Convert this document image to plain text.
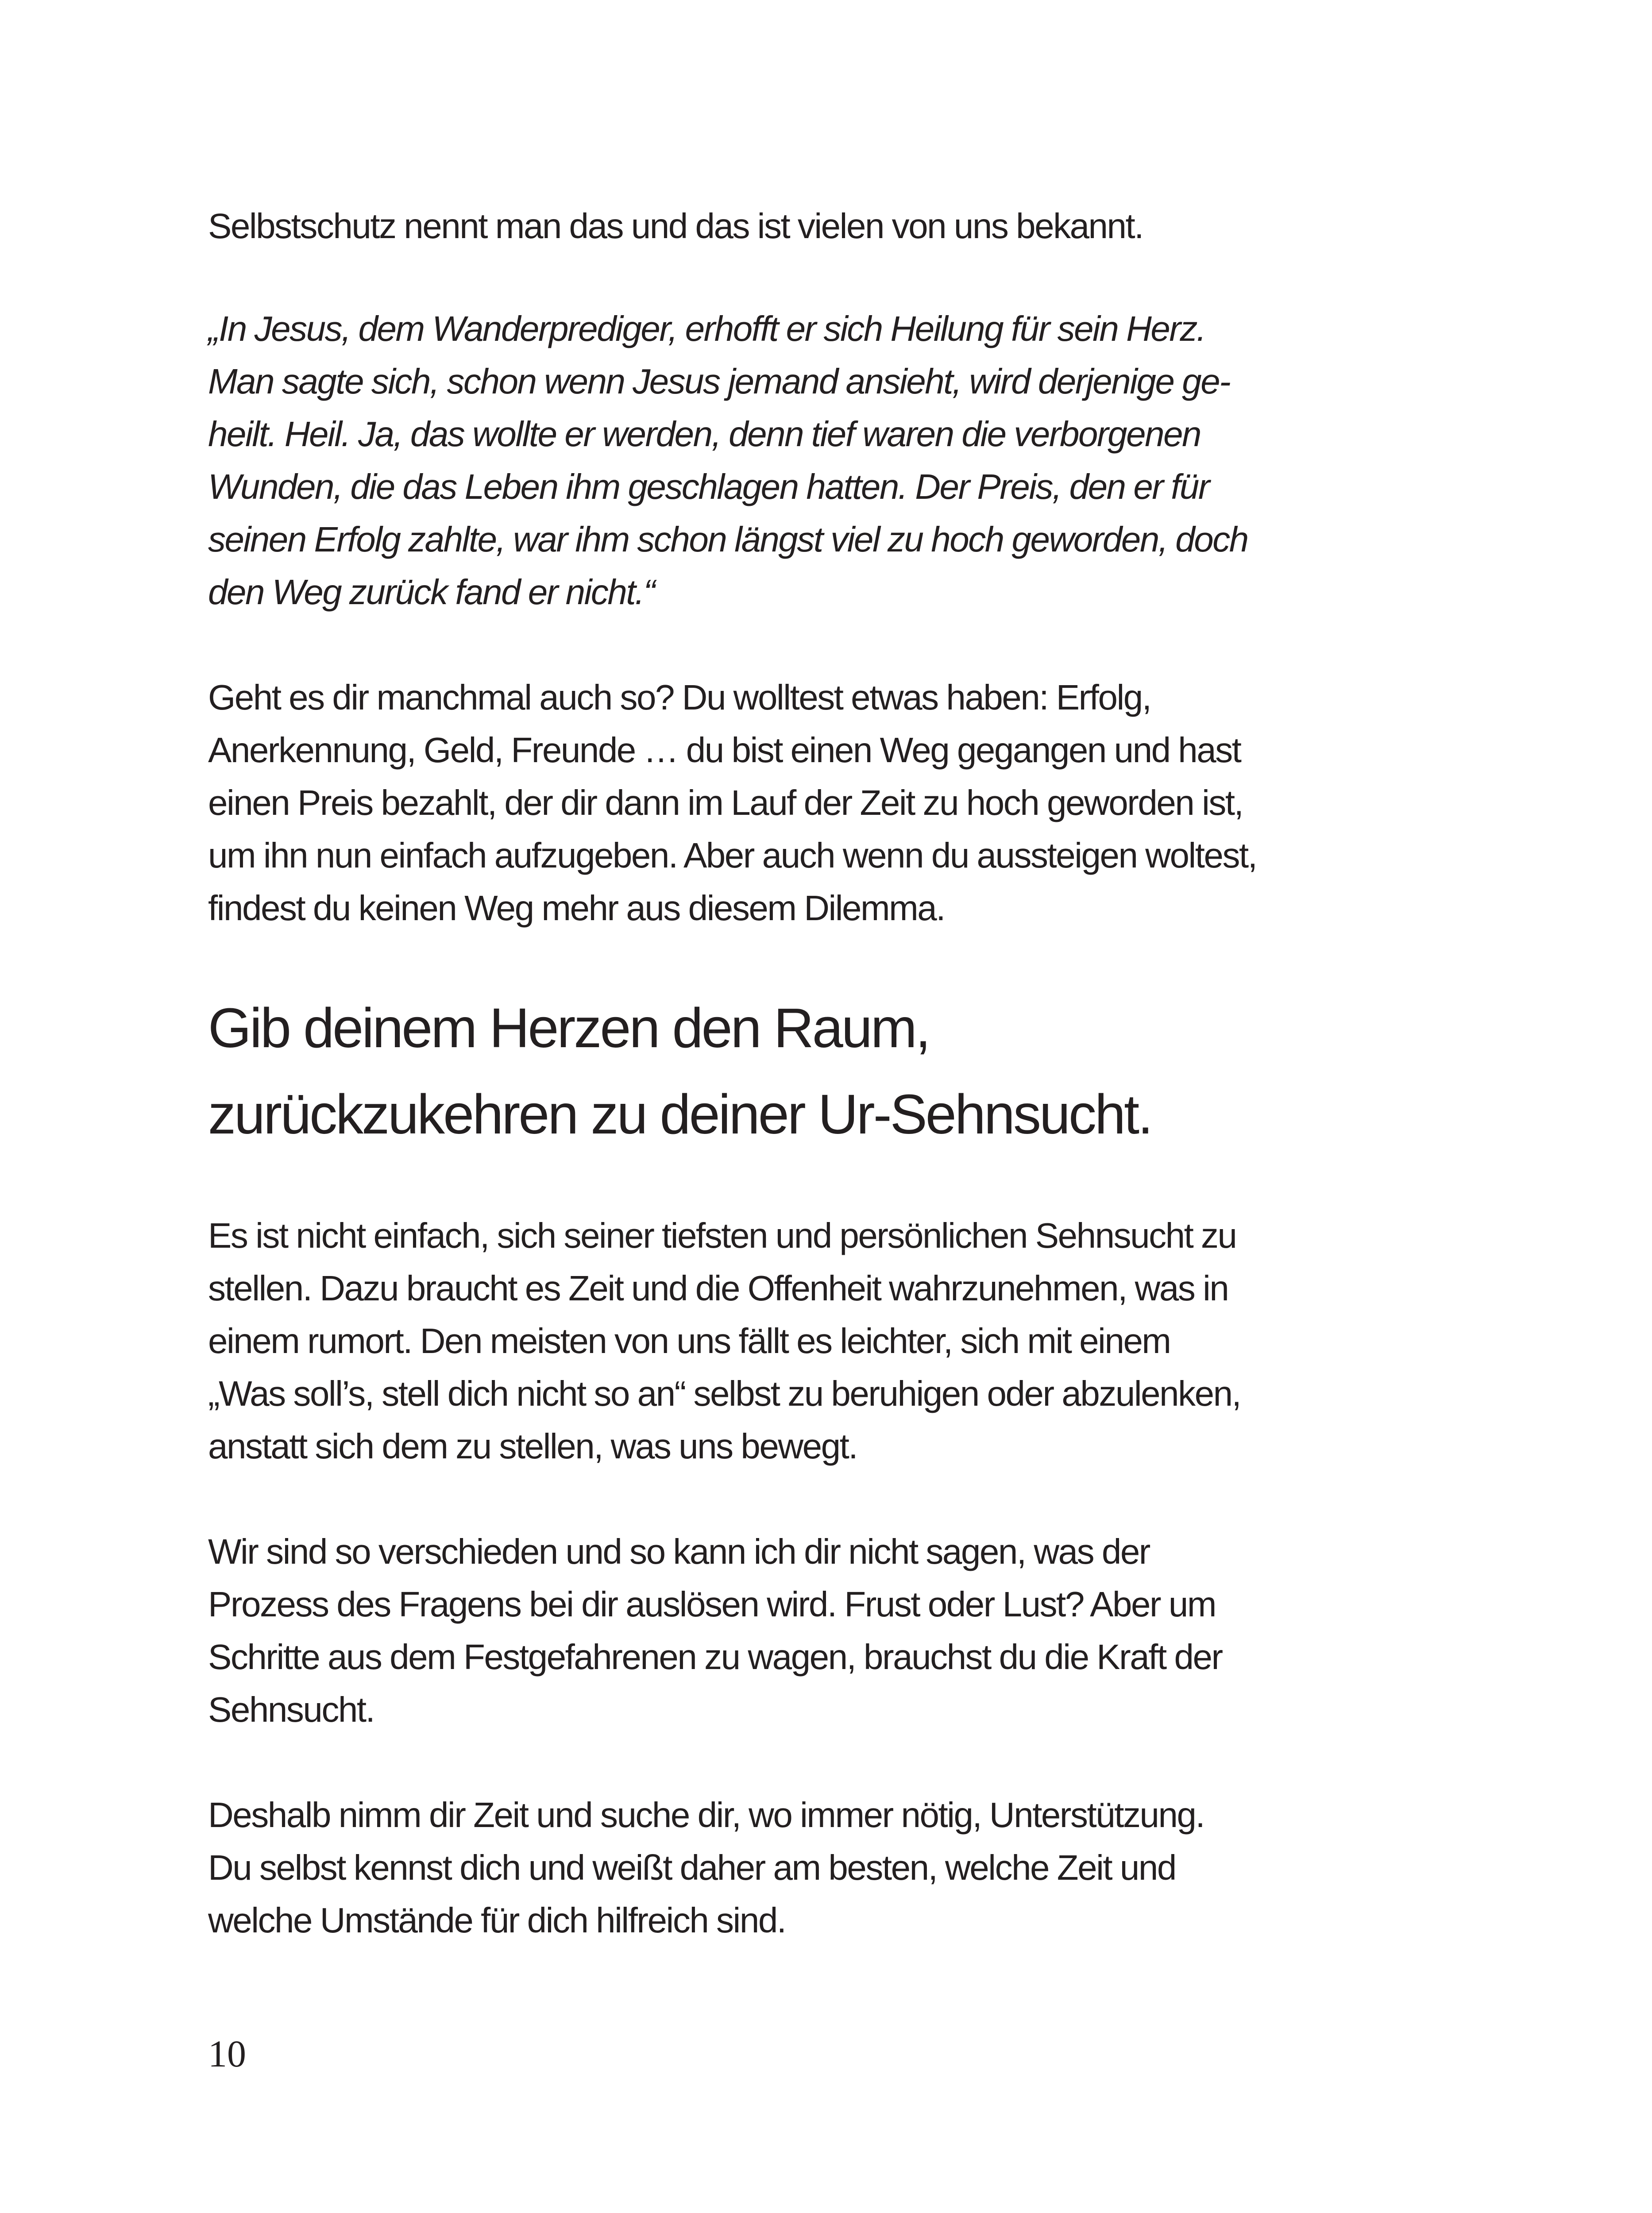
Selbstschutz nennt man das und das ist vielen von uns bekannt.
„In Jesus, dem Wanderprediger, erhofft er sich Heilung für sein Herz.
Man sagte sich, schon wenn Jesus jemand ansieht, wird derjenige ge-
heilt. Heil. Ja, das wollte er werden, denn tief waren die verborgenen
Wunden, die das Leben ihm geschlagen hatten. Der Preis, den er für
seinen Erfolg zahlte, war ihm schon längst viel zu hoch geworden, doch
den Weg zurück fand er nicht.“
Geht es dir manchmal auch so? Du wolltest etwas haben: Erfolg,
Anerkennung, Geld, Freunde … du bist einen Weg gegangen und hast
einen Preis bezahlt, der dir dann im Lauf der Zeit zu hoch geworden ist,
um ihn nun einfach aufzugeben. Aber auch wenn du aussteigen woltest,
findest du keinen Weg mehr aus diesem Dilemma.
Gib deinem Herzen den Raum,
zurückzukehren zu deiner Ur-Sehnsucht.
Es ist nicht einfach, sich seiner tiefsten und persönlichen Sehnsucht zu
stellen. Dazu braucht es Zeit und die Offenheit wahrzunehmen, was in
einem rumort. Den meisten von uns fällt es leichter, sich mit einem
„Was soll’s, stell dich nicht so an“ selbst zu beruhigen oder abzulenken,
anstatt sich dem zu stellen, was uns bewegt.
Wir sind so verschieden und so kann ich dir nicht sagen, was der
Prozess des Fragens bei dir auslösen wird. Frust oder Lust? Aber um
Schritte aus dem Festgefahrenen zu wagen, brauchst du die Kraft der
Sehnsucht.
Deshalb nimm dir Zeit und suche dir, wo immer nötig, Unterstützung.
Du selbst kennst dich und weißt daher am besten, welche Zeit und
welche Umstände für dich hilfreich sind.
10
